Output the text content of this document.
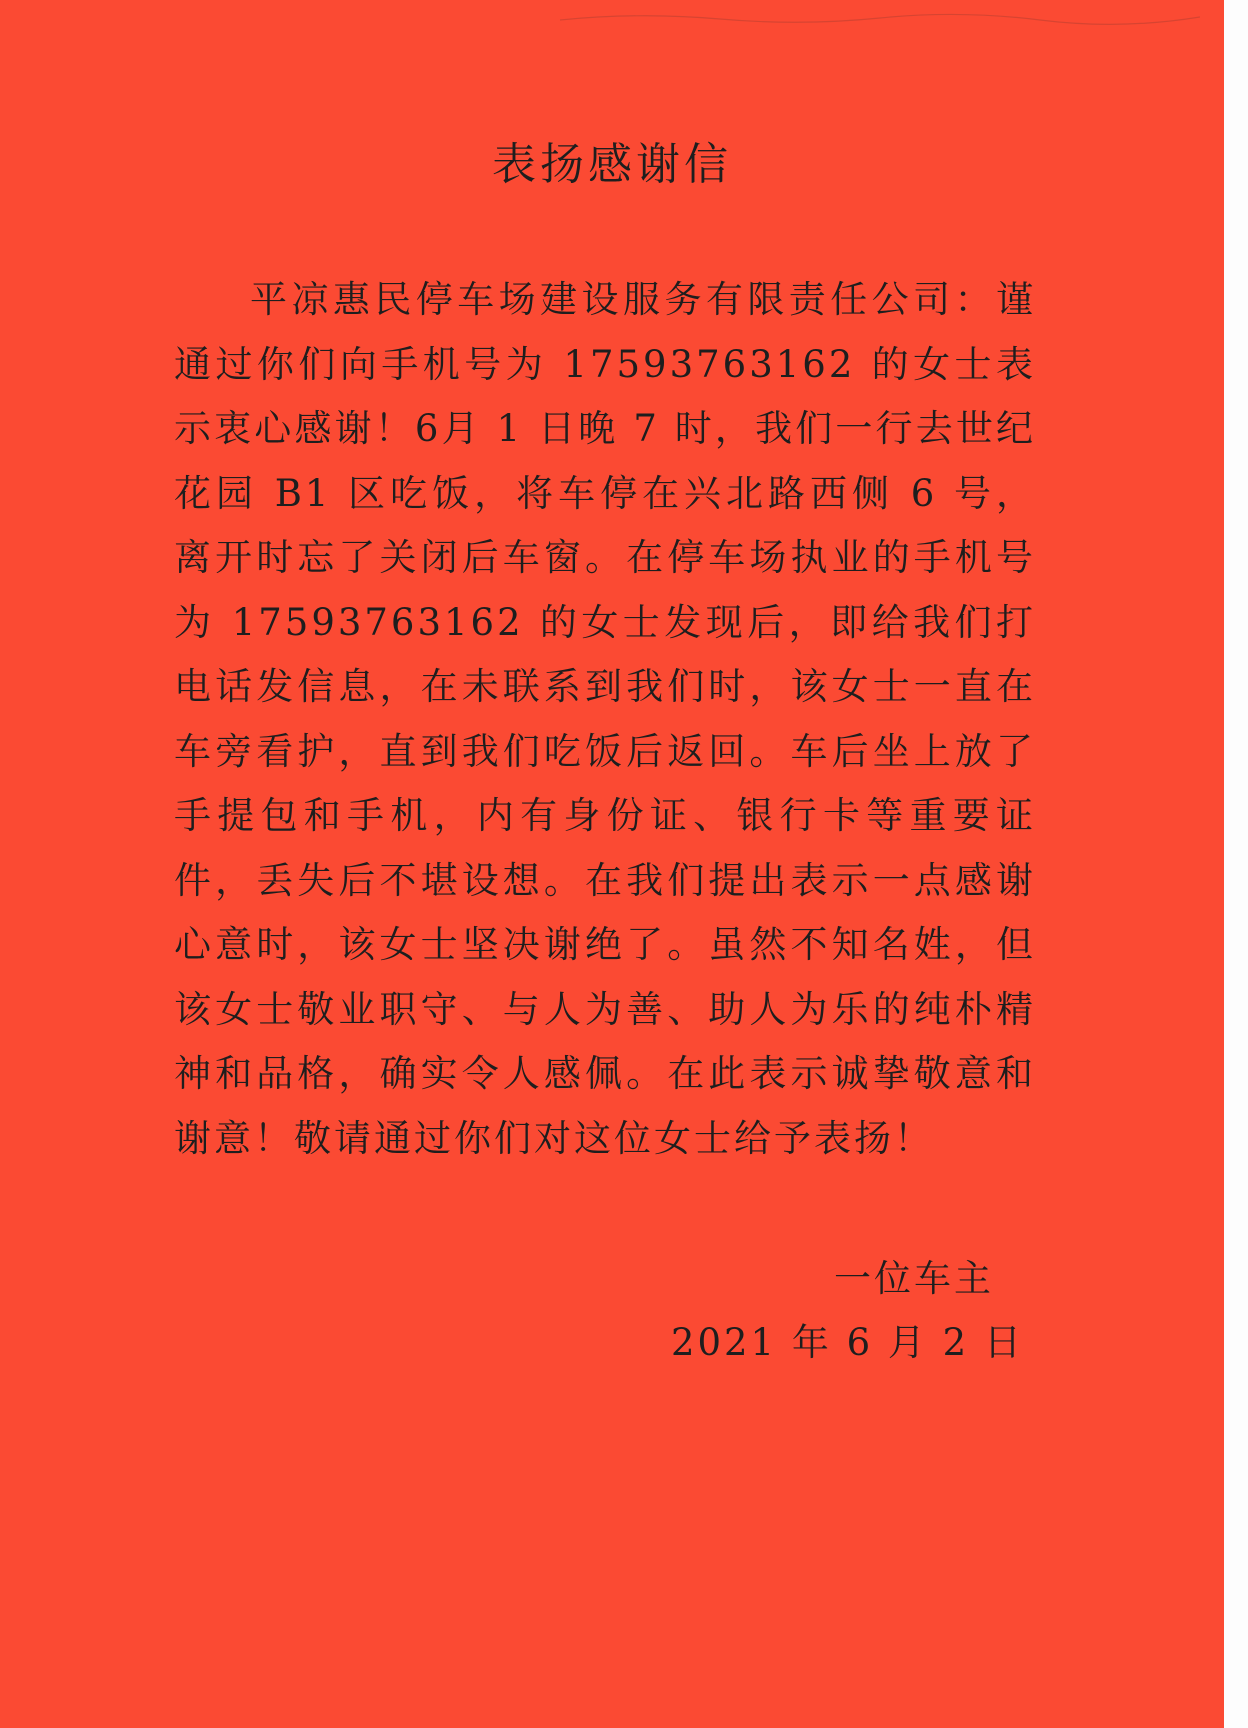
表扬感谢信

平凉惠民停车场建设服务有限责任公司：谨通过你们向手机号为 17593763162 的女士表示衷心感谢！6月 1 日晚 7 时，我们一行去世纪花园 B1 区吃饭，将车停在兴北路西侧 6 号，离开时忘了关闭后车窗。在停车场执业的手机号为 17593763162 的女士发现后，即给我们打电话发信息，在未联系到我们时，该女士一直在车旁看护，直到我们吃饭后返回。车后坐上放了手提包和手机，内有身份证、银行卡等重要证件，丢失后不堪设想。在我们提出表示一点感谢心意时，该女士坚决谢绝了。虽然不知名姓，但该女士敬业职守、与人为善、助人为乐的纯朴精神和品格，确实令人感佩。在此表示诚挚敬意和谢意！敬请通过你们对这位女士给予表扬！

一位车主
2021 年 6 月 2 日
